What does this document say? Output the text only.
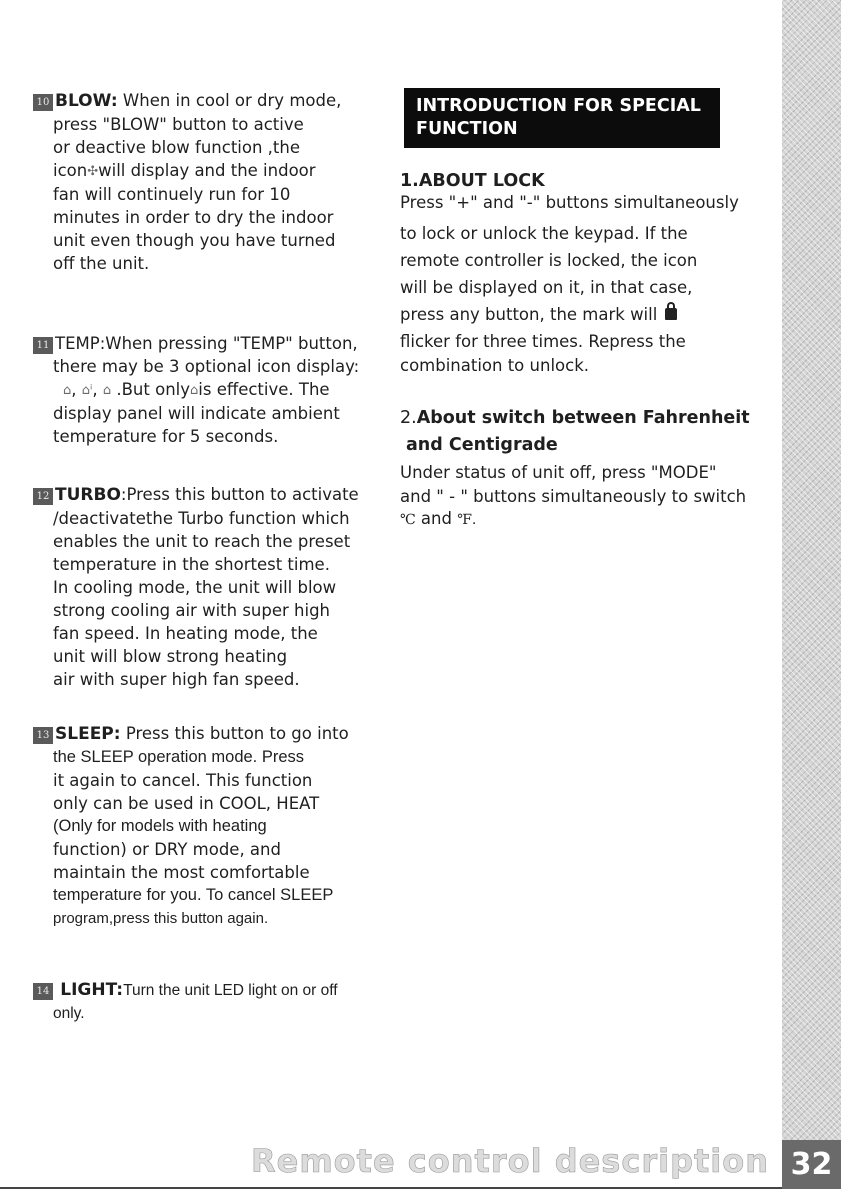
32
Remote control description
10 BLOW: When in cool or dry mode,
press "BLOW" button to active
or deactive blow function ,the
icon✣will display and the indoor
fan will continuely run for 10
minutes in order to dry the indoor
unit even though you have turned
off the unit.
11 TEMP:When pressing "TEMP" button,
there may be 3 optional icon display:
⌂, ⌂ⁱ, ⌂ .But only⌂is effective. The
display panel will indicate ambient
temperature for 5 seconds.
12 TURBO:Press this button to activate
/deactivatethe Turbo function which
enables the unit to reach the preset
temperature in the shortest time.
In cooling mode, the unit will blow
strong cooling air with super high
fan speed. In heating mode, the
unit will blow strong heating
air with super high fan speed.
13 SLEEP: Press this button to go into
the SLEEP operation mode. Press
it again to cancel. This function
only can be used in COOL, HEAT
(Only for models with heating
function) or DRY mode, and
maintain the most comfortable
temperature for you. To cancel SLEEP
program,press this button again.
14 LIGHT:Turn the unit LED light on or off
only.
INTRODUCTION FOR SPECIAL
FUNCTION
1.ABOUT LOCK
Press "+" and "-" buttons simultaneously
to lock or unlock the keypad. If the
remote controller is locked, the icon
will be displayed on it, in that case,
press any button, the mark will
flicker for three times. Repress the
combination to unlock.
2.About switch between Fahrenheit
and Centigrade
Under status of unit off, press "MODE"
and " - " buttons simultaneously to switch
℃ and ℉.
